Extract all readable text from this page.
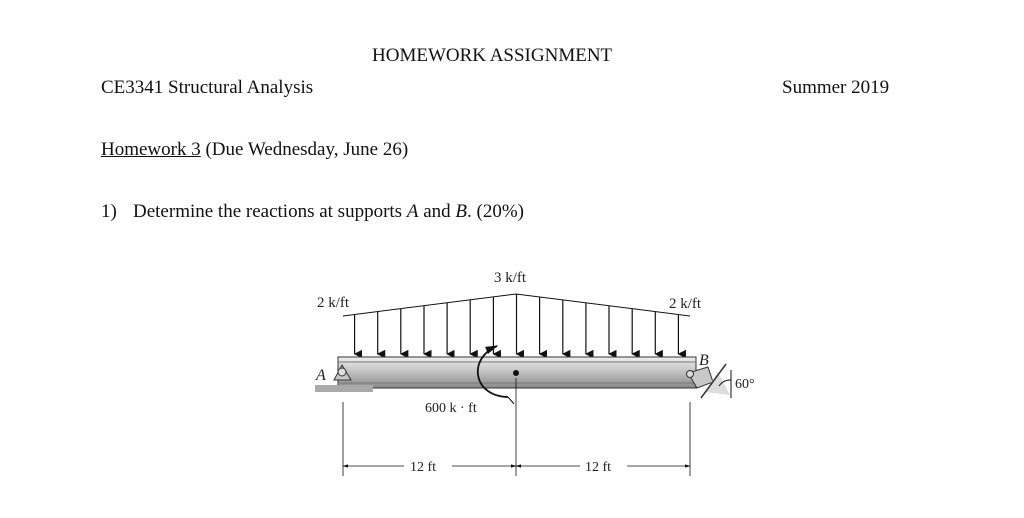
HOMEWORK ASSIGNMENT
CE3341 Structural Analysis	Summer 2019
Homework 3 (Due Wednesday, June 26)
1) Determine the reactions at supports A and B. (20%)
A
B
60°
600 k · ft
2 k/ft
3 k/ft
2 k/ft
12 ft	12 ft
